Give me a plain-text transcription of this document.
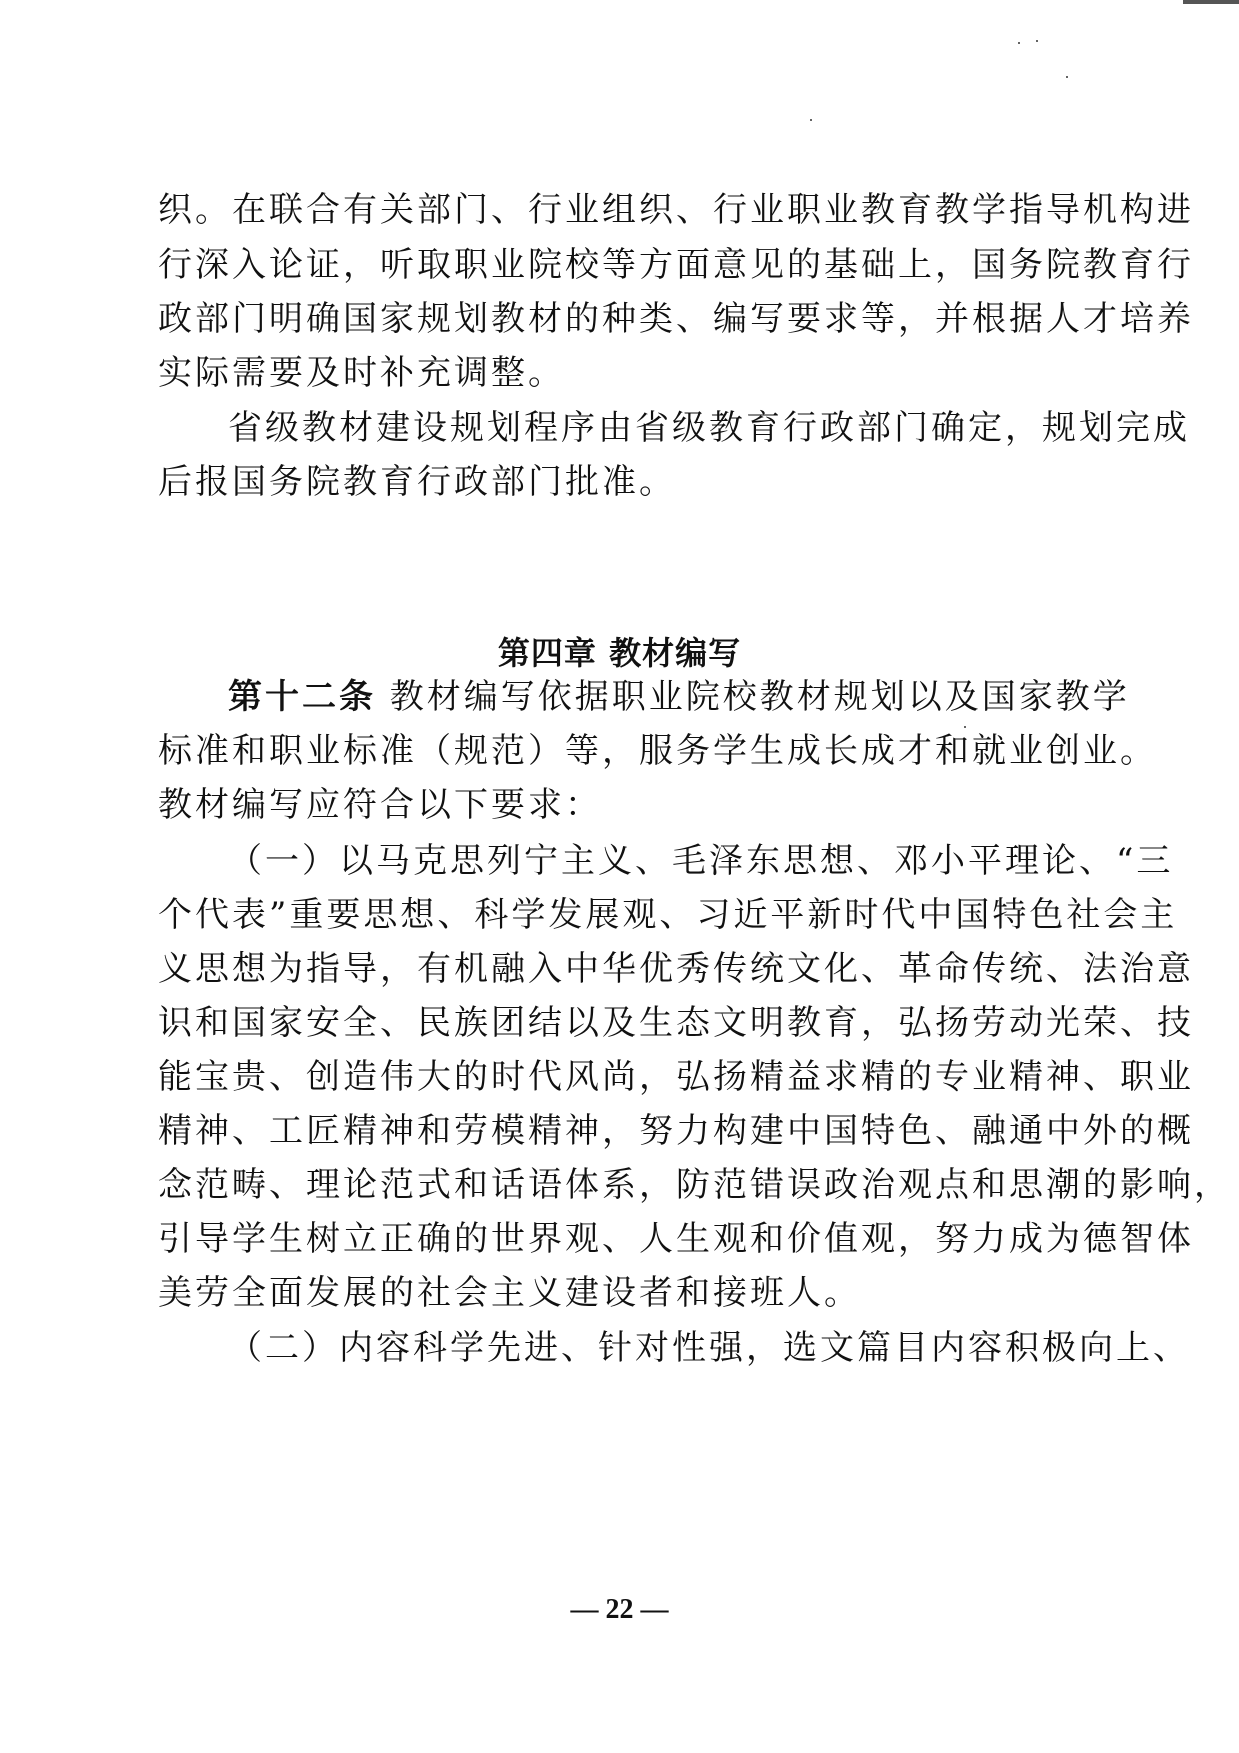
织。在联合有关部门、行业组织、行业职业教育教学指导机构进
行深入论证，听取职业院校等方面意见的基础上，国务院教育行
政部门明确国家规划教材的种类、编写要求等，并根据人才培养
实际需要及时补充调整。
省级教材建设规划程序由省级教育行政部门确定，规划完成
后报国务院教育行政部门批准。
第四章 教材编写
第十二条 教材编写依据职业院校教材规划以及国家教学
标准和职业标准（规范）等，服务学生成长成才和就业创业。
教材编写应符合以下要求：
（一）以马克思列宁主义、毛泽东思想、邓小平理论、“三
个代表”重要思想、科学发展观、习近平新时代中国特色社会主
义思想为指导，有机融入中华优秀传统文化、革命传统、法治意
识和国家安全、民族团结以及生态文明教育，弘扬劳动光荣、技
能宝贵、创造伟大的时代风尚，弘扬精益求精的专业精神、职业
精神、工匠精神和劳模精神，努力构建中国特色、融通中外的概
念范畴、理论范式和话语体系，防范错误政治观点和思潮的影响，
引导学生树立正确的世界观、人生观和价值观，努力成为德智体
美劳全面发展的社会主义建设者和接班人。
（二）内容科学先进、针对性强，选文篇目内容积极向上、
— 22 —
